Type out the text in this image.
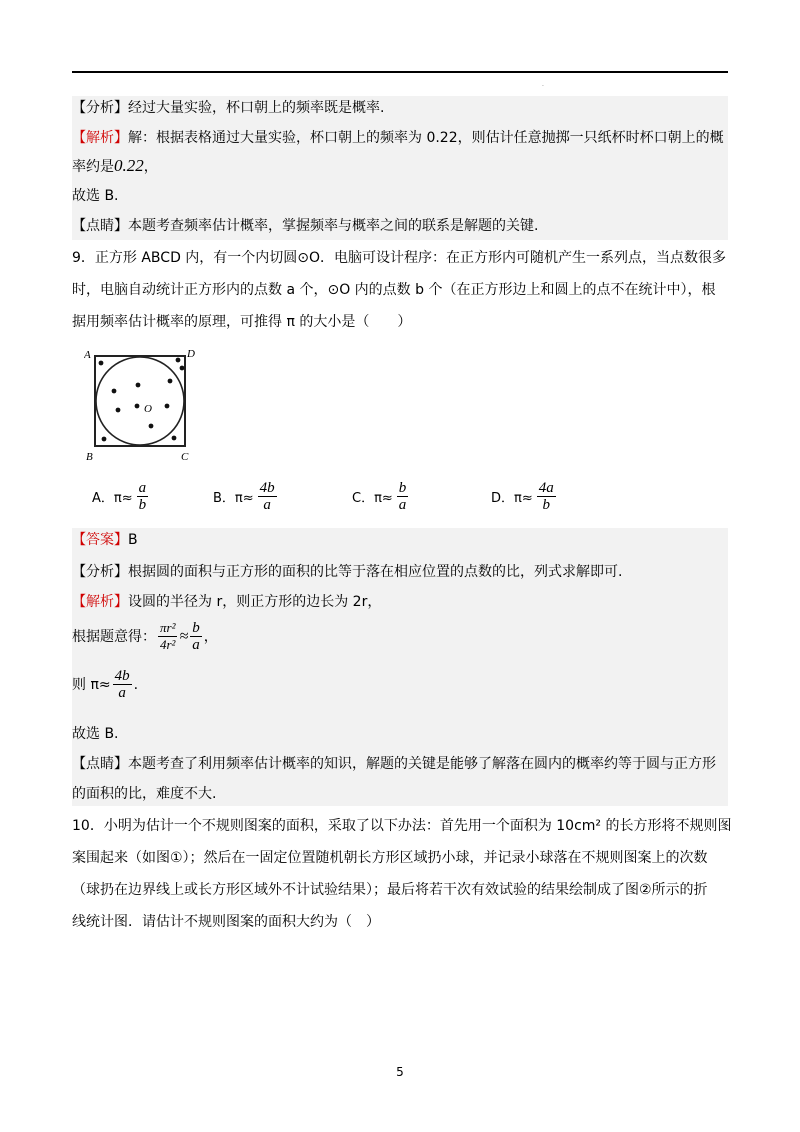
.
【分析】经过大量实验，杯口朝上的频率既是概率.
【解析】解：根据表格通过大量实验，杯口朝上的频率为 0.22，则估计任意抛掷一只纸杯时杯口朝上的概
率约是0.22，
故选 B.
【点睛】本题考查频率估计概率，掌握频率与概率之间的联系是解题的关键.
9．正方形 ABCD 内，有一个内切圆⊙O．电脑可设计程序：在正方形内可随机产生一系列点，当点数很多
时，电脑自动统计正方形内的点数 a 个，⊙O 内的点数 b 个（在正方形边上和圆上的点不在统计中），根
据用频率估计概率的原理，可推得 π 的大小是（　　）
A	D
B	C
O
A．$\pi\approx \frac{a}{b}$	B．$\pi\approx \frac{4b}{a}$	C．$\pi\approx \frac{b}{a}$	D．$\pi\approx \frac{4a}{b}$
【答案】B
【分析】根据圆的面积与正方形的面积的比等于落在相应位置的点数的比，列式求解即可.
【解析】设圆的半径为 r，则正方形的边长为 2r，
根据题意得： $\frac{\text{πr²}}{\text{4r²}} \approx \frac{b}{a}$ ，
则 $\pi\approx \frac{4b}{a}$ .
故选 B.
【点睛】本题考查了利用频率估计概率的知识，解题的关键是能够了解落在圆内的概率约等于圆与正方形
的面积的比，难度不大.
10．小明为估计一个不规则图案的面积，采取了以下办法：首先用一个面积为 10cm² 的长方形将不规则图
案围起来（如图①）；然后在一固定位置随机朝长方形区域扔小球，并记录小球落在不规则图案上的次数
（球扔在边界线上或长方形区域外不计试验结果）；最后将若干次有效试验的结果绘制成了图②所示的折
线统计图．请估计不规则图案的面积大约为（　）
5
